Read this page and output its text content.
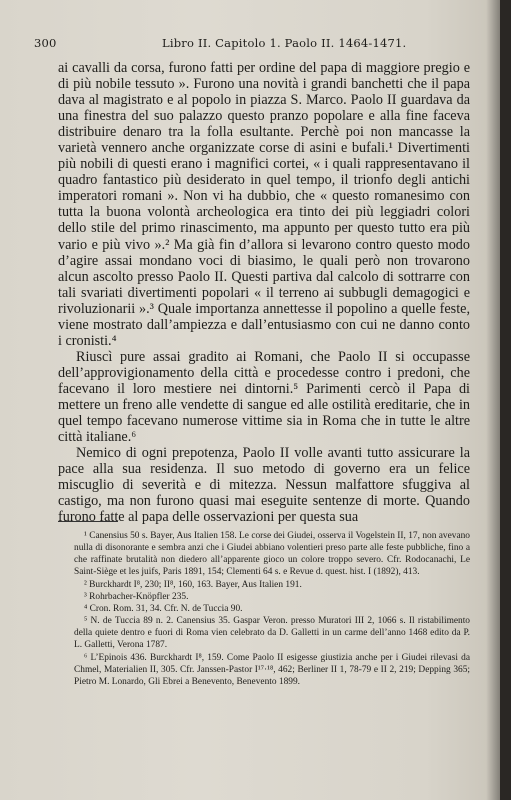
300	Libro II. Capitolo 1. Paolo II. 1464-1471.

ai cavalli da corsa, furono fatti per ordine del papa di maggiore pregio e di più nobile tessuto ». Furono una novità i grandi banchetti che il papa dava al magistrato e al popolo in piazza S. Marco. Paolo II guardava da una finestra del suo palazzo questo pranzo popolare e alla fine faceva distribuire denaro tra la folla esultante. Perchè poi non mancasse la varietà vennero anche organizzate corse di asini e bufali.¹ Divertimenti più nobili di questi erano i magnifici cortei, « i quali rappresentavano il quadro fantastico più desiderato in quel tempo, il trionfo degli antichi imperatori romani ». Non vi ha dubbio, che « questo romanesimo con tutta la buona volontà archeologica era tinto dei più leggiadri colori dello stile del primo rinascimento, ma appunto per questo tutto era più vario e più vivo ».² Ma già fin d’allora si levarono contro questo modo d’agire assai mondano voci di biasimo, le quali però non trovarono alcun ascolto presso Paolo II. Questi partiva dal calcolo di sottrarre con tali svariati divertimenti popolari « il terreno ai subbugli demagogici e rivoluzionarii ».³ Quale importanza annettesse il popolino a quelle feste, viene mostrato dall’ampiezza e dall’entusiasmo con cui ne danno conto i cronisti.⁴

Riuscì pure assai gradito ai Romani, che Paolo II si occupasse dell’approvigionamento della città e procedesse contro i predoni, che facevano il loro mestiere nei dintorni.⁵ Parimenti cercò il Papa di mettere un freno alle vendette di sangue ed alle ostilità ereditarie, che in quel tempo facevano numerose vittime sia in Roma che in tutte le altre città italiane.⁶

Nemico di ogni prepotenza, Paolo II volle avanti tutto assicurare la pace alla sua residenza. Il suo metodo di governo era un felice miscuglio di severità e di mitezza. Nessun malfattore sfuggiva al castigo, ma non furono quasi mai eseguite sentenze di morte. Quando furono fatte al papa delle osservazioni per questa sua

¹ Canensius 50 s. Bayer, Aus Italien 158. Le corse dei Giudei, osserva il Vogelstein II, 17, non avevano nulla di disonorante e sembra anzi che i Giudei abbiano volentieri preso parte alle feste pubbliche, fino a che raffinate brutalità non diedero all’apparente gioco un colore troppo severo. Cfr. Rodocanachi, Le Saint-Siège et les juifs, Paris 1891, 154; Clementi 64 s. e Revue d. quest. hist. I (1892), 413.

² Burckhardt I⁸, 230; II⁸, 160, 163. Bayer, Aus Italien 191.

³ Rohrbacher-Knöpfler 235.

⁴ Cron. Rom. 31, 34. Cfr. N. de Tuccia 90.

⁵ N. de Tuccia 89 n. 2. Canensius 35. Gaspar Veron. presso Muratori III 2, 1066 s. Il ristabilimento della quiete dentro e fuori di Roma vien celebrato da D. Galletti in un carme dell’anno 1468 edito da P. L. Galletti, Verona 1787.

⁶ L’Epinois 436. Burckhardt I⁸, 159. Come Paolo II esigesse giustizia anche per i Giudei rilevasi da Chmel, Materialien II, 305. Cfr. Janssen-Pastor I¹⁷·¹⁸, 462; Berliner II 1, 78-79 e II 2, 219; Depping 365; Pietro M. Lonardo, Gli Ebrei a Benevento, Benevento 1899.
